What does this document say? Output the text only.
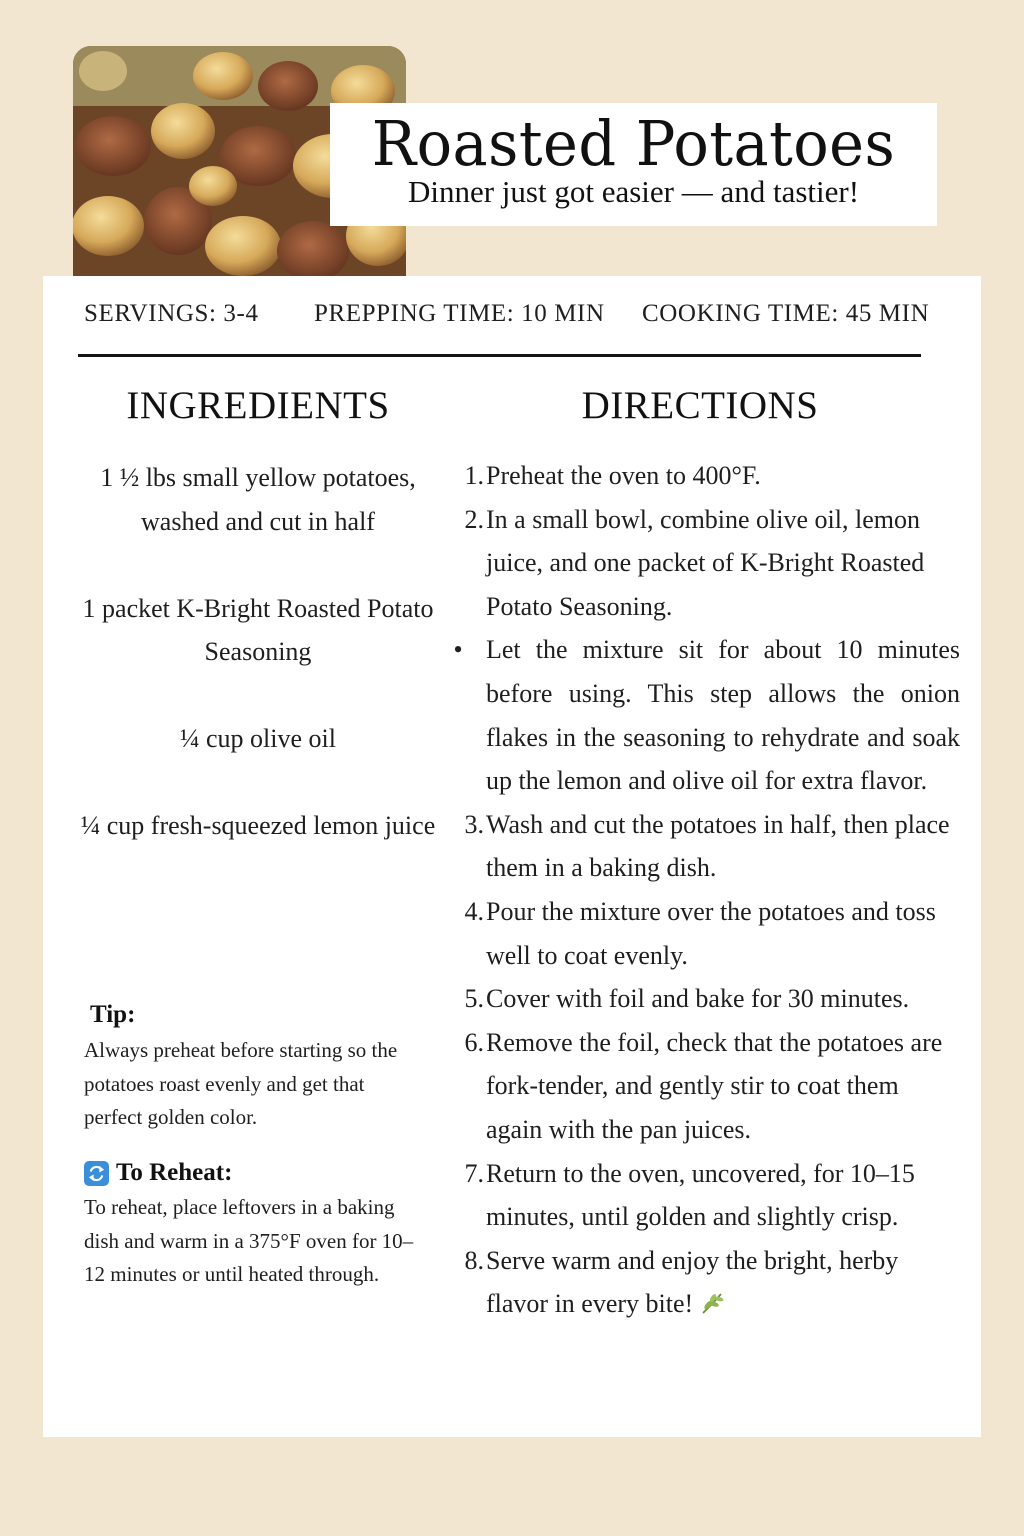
Roasted Potatoes
Dinner just got easier — and tastier!
SERVINGS: 3-4 PREPPING TIME: 10 MIN COOKING TIME: 45 MIN
INGREDIENTS	DIRECTIONS
1 ½ lbs small yellow potatoes, washed and cut in half
1 packet K-Bright Roasted Potato Seasoning
¼ cup olive oil
¼ cup fresh-squeezed lemon juice
Tip:
Always preheat before starting so the potatoes roast evenly and get that perfect golden color.
To Reheat:
To reheat, place leftovers in a baking dish and warm in a 375°F oven for 10–12 minutes or until heated through.
1. Preheat the oven to 400°F.
2. In a small bowl, combine olive oil, lemon juice, and one packet of K-Bright Roasted Potato Seasoning.
• Let the mixture sit for about 10 minutes before using. This step allows the onion flakes in the seasoning to rehydrate and soak up the lemon and olive oil for extra flavor.
3. Wash and cut the potatoes in half, then place them in a baking dish.
4. Pour the mixture over the potatoes and toss well to coat evenly.
5. Cover with foil and bake for 30 minutes.
6. Remove the foil, check that the potatoes are fork-tender, and gently stir to coat them again with the pan juices.
7. Return to the oven, uncovered, for 10–15 minutes, until golden and slightly crisp.
8. Serve warm and enjoy the bright, herby flavor in every bite!
